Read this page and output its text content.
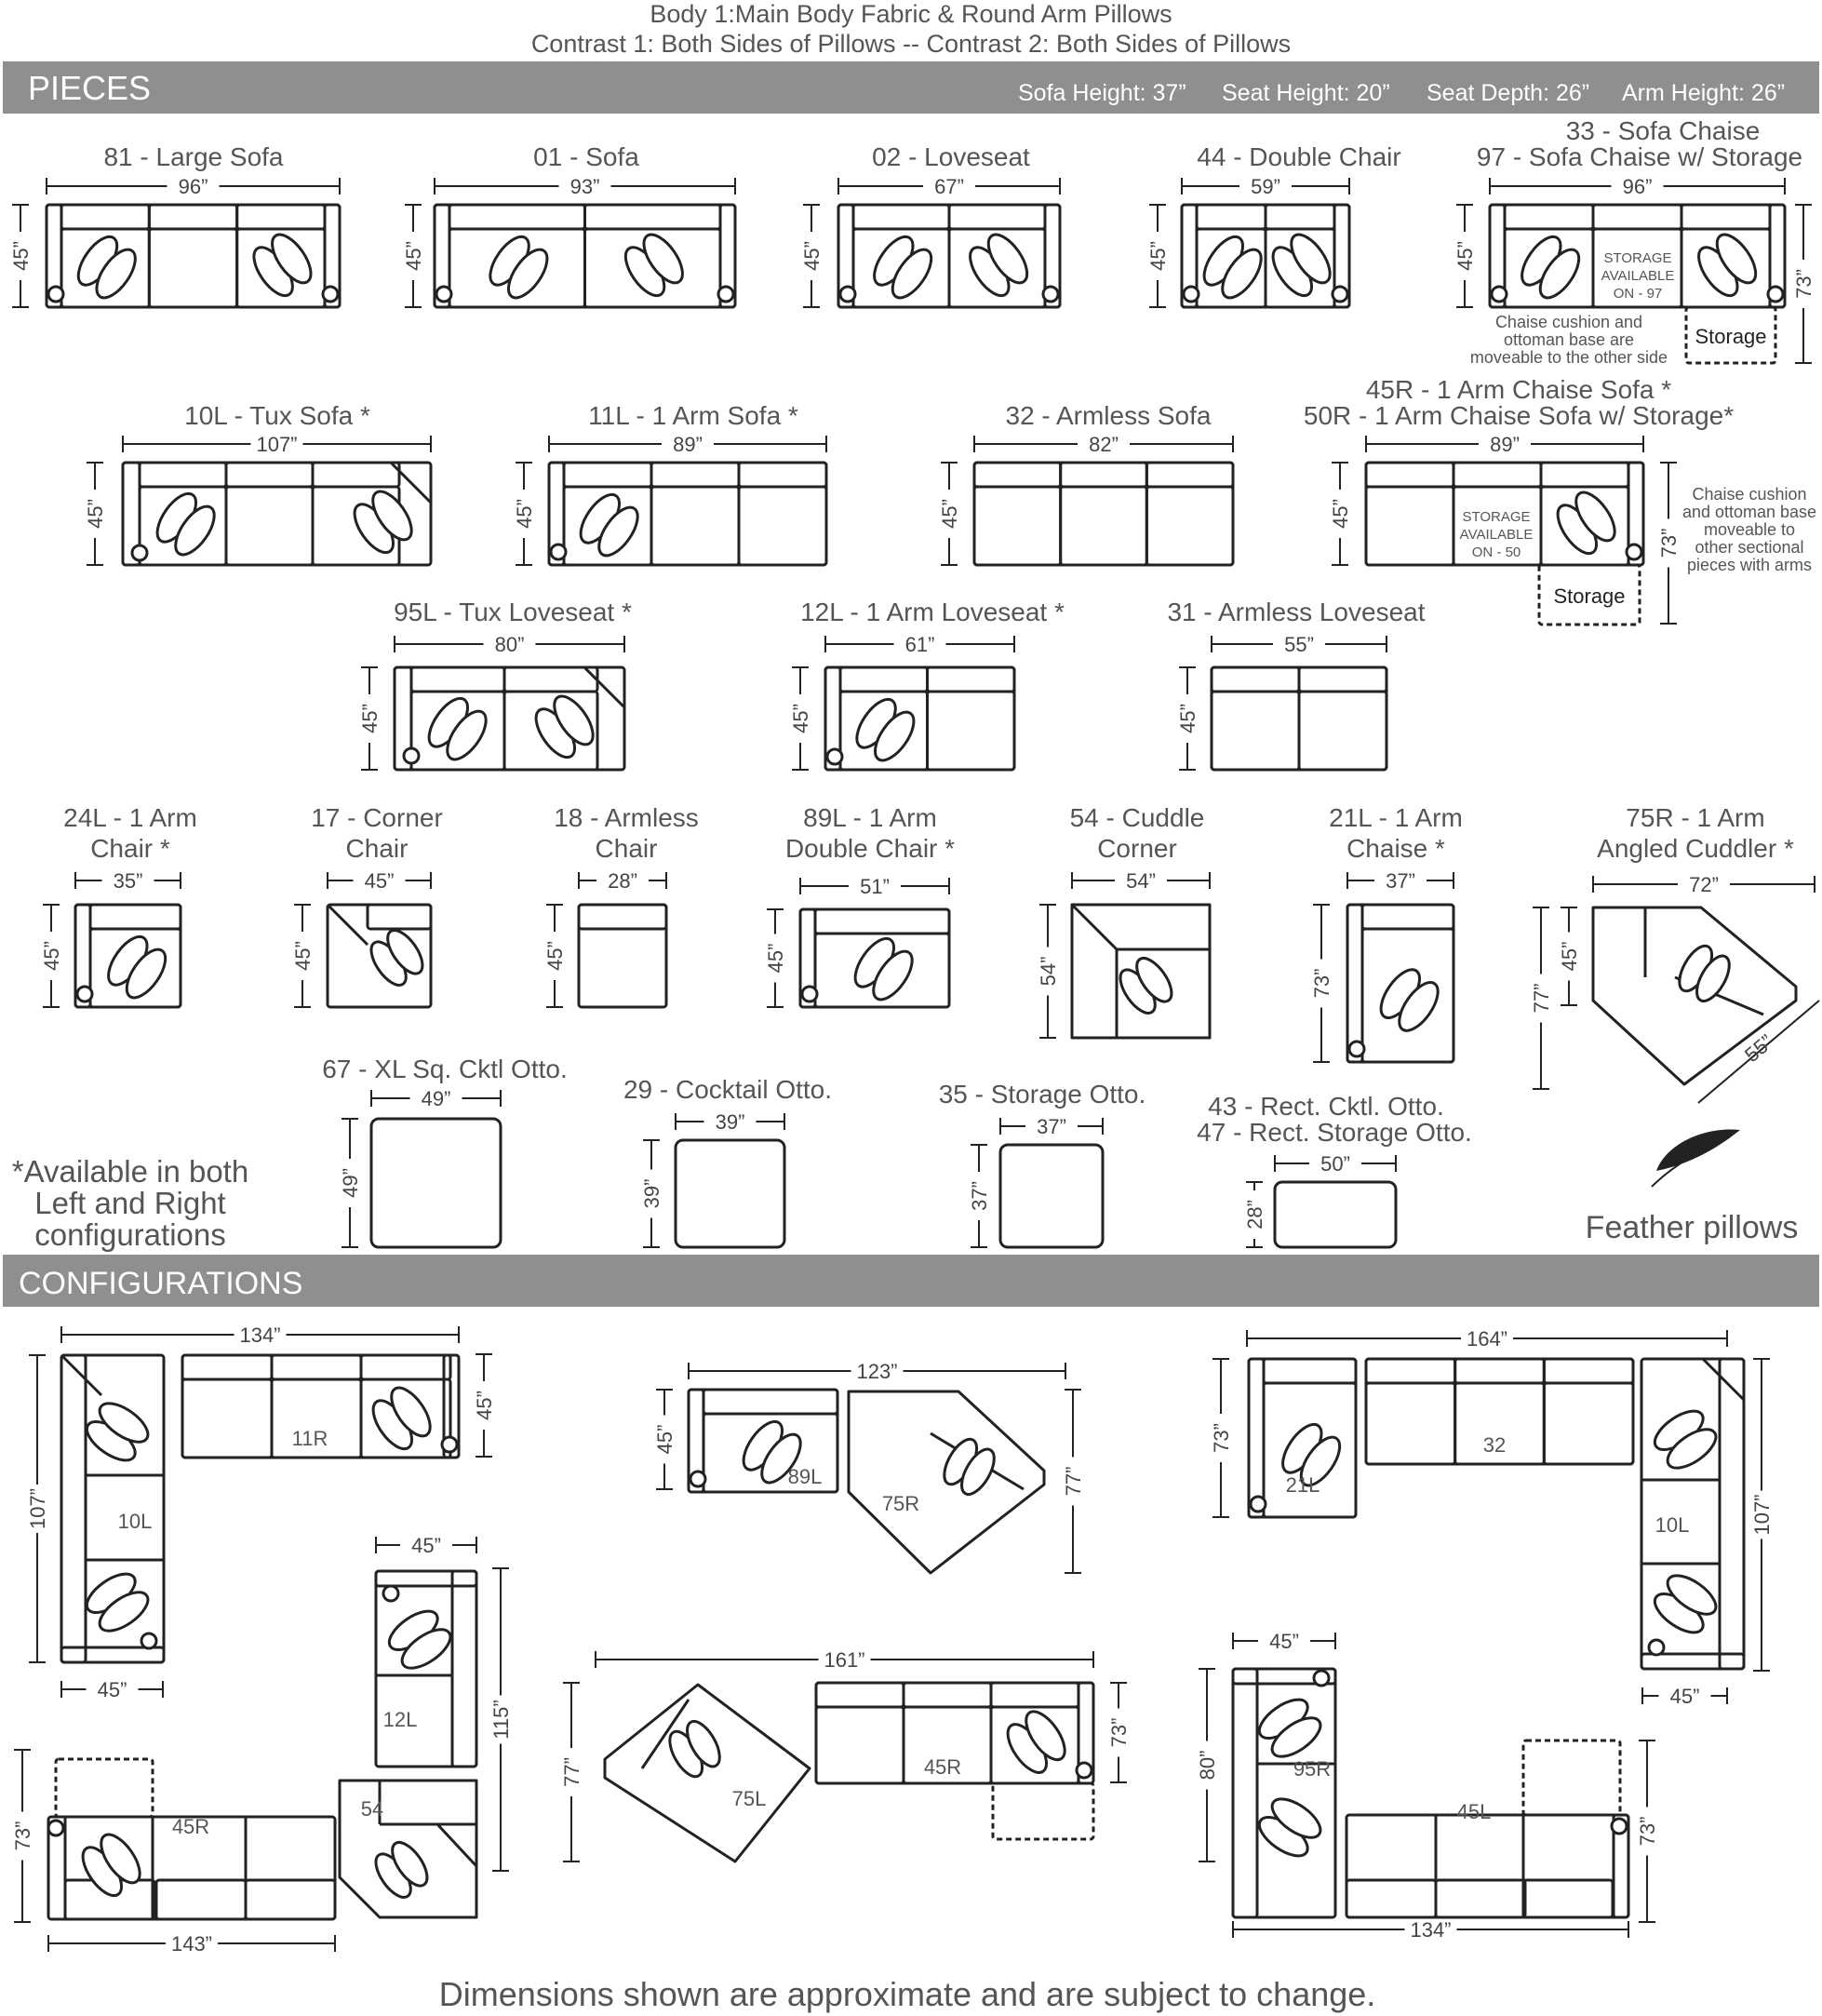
PIECES	Sofa Height: 37” Seat Height: 20” Seat Depth: 26” Arm Height: 26”
CONFIGURATIONS
Body 1:Main Body Fabric & Round Arm Pillows
Contrast 1: Both Sides of Pillows -- Contrast 2: Both Sides of Pillows
81 - Large Sofa
96”
45”
01 - Sofa
93”
45”
02 - Loveseat
67”
45”
44 - Double Chair
59”
45”
33 - Sofa Chaise
97 - Sofa Chaise w/ Storage
96”
45”
73”
STORAGE
AVAILABLE
ON - 97
Storage
Chaise cushion and
ottoman base are
moveable to the other side
10L - Tux Sofa *
107”
45”
11L - 1 Arm Sofa *
89”
45”
32 - Armless Sofa
82”
45”
45R - 1 Arm Chaise Sofa *
50R - 1 Arm Chaise Sofa w/ Storage*
89”
45”
73”
STORAGE
AVAILABLE
ON - 50
Storage
Chaise cushion
and ottoman base
moveable to
other sectional
pieces with arms
95L - Tux Loveseat *
80”
45”
12L - 1 Arm Loveseat *
61”
45”
31 - Armless Loveseat
55”
45”
24L - 1 Arm
Chair *
35”
45”
17 - Corner
Chair
45”
45”
18 - Armless
Chair
28”
45”
89L - 1 Arm
Double Chair *
51”
45”
54 - Cuddle
Corner
54”
54”
21L - 1 Arm
Chaise *
37”
73”
75R - 1 Arm
Angled Cuddler *
72”
77”
45”
55”
67 - XL Sq. Cktl Otto.
49”
49”
29 - Cocktail Otto.
39”
39”
35 - Storage Otto.
37”
37”
43 - Rect. Cktl. Otto.
47 - Rect. Storage Otto.
50”
28”
*Available in both
Left and Right
configurations	Feather pillows
134”
45”
107”
45”
11R
10L
123”
45”
77”
89L
75R
164”
73”
107”
45”
21L
32
10L
45”
115”
73”
143”
12L
54
45R
161”
77”
73”
75L
45R
45”
80”
73”
134”
95R
45L
Dimensions shown are approximate and are subject to change.
